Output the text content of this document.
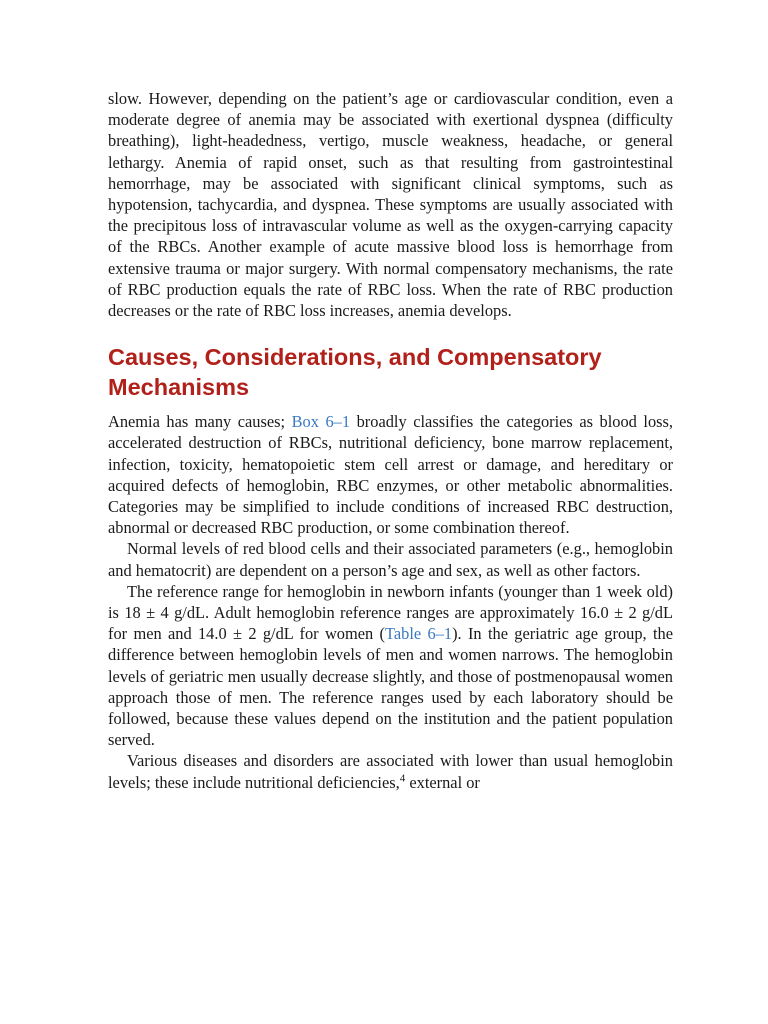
slow. However, depending on the patient’s age or cardiovascular condition, even a moderate degree of anemia may be associated with exertional dyspnea (difficulty breathing), light-headedness, vertigo, muscle weakness, headache, or general lethargy. Anemia of rapid onset, such as that resulting from gastrointestinal hemorrhage, may be associated with significant clinical symptoms, such as hypotension, tachycardia, and dyspnea. These symptoms are usually associated with the precipitous loss of intravascular volume as well as the oxygen-carrying capacity of the RBCs. Another example of acute massive blood loss is hemorrhage from extensive trauma or major surgery. With normal compensatory mechanisms, the rate of RBC production equals the rate of RBC loss. When the rate of RBC production decreases or the rate of RBC loss increases, anemia develops.

Causes, Considerations, and Compensatory Mechanisms

Anemia has many causes; Box 6–1 broadly classifies the categories as blood loss, accelerated destruction of RBCs, nutritional deficiency, bone marrow replacement, infection, toxicity, hematopoietic stem cell arrest or damage, and hereditary or acquired defects of hemoglobin, RBC enzymes, or other metabolic abnormalities. Categories may be simplified to include conditions of increased RBC destruction, abnormal or decreased RBC production, or some combination thereof.

Normal levels of red blood cells and their associated parameters (e.g., hemoglobin and hematocrit) are dependent on a person’s age and sex, as well as other factors.

The reference range for hemoglobin in newborn infants (younger than 1 week old) is 18 ± 4 g/dL. Adult hemoglobin reference ranges are approximately 16.0 ± 2 g/dL for men and 14.0 ± 2 g/dL for women (Table 6–1). In the geriatric age group, the difference between hemoglobin levels of men and women narrows. The hemoglobin levels of geriatric men usually decrease slightly, and those of postmenopausal women approach those of men. The reference ranges used by each laboratory should be followed, because these values depend on the institution and the patient population served.

Various diseases and disorders are associated with lower than usual hemoglobin levels; these include nutritional deficiencies,$^4$ external or
